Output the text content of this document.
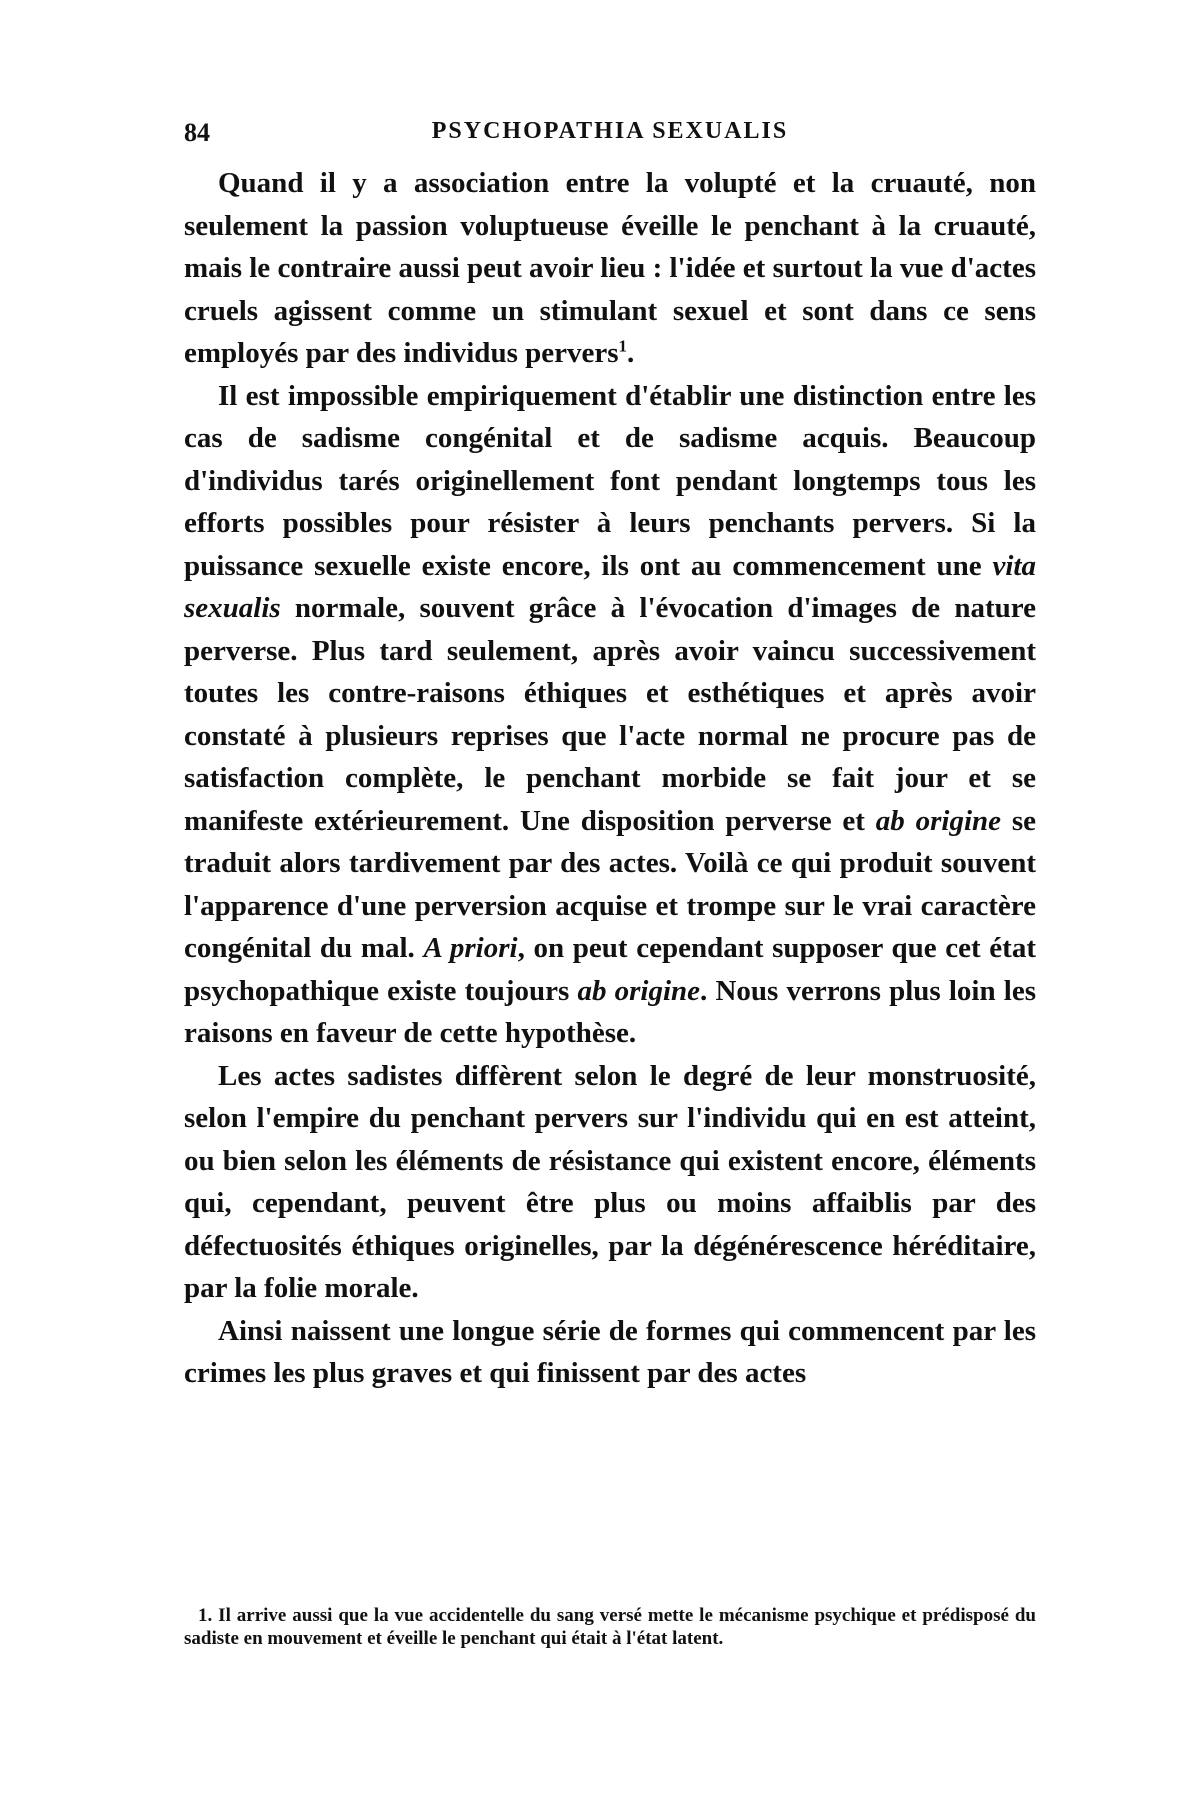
84	PSYCHOPATHIA SEXUALIS

Quand il y a association entre la volupté et la cruauté, non seulement la passion voluptueuse éveille le penchant à la cruauté, mais le contraire aussi peut avoir lieu : l'idée et surtout la vue d'actes cruels agissent comme un stimulant sexuel et sont dans ce sens employés par des individus pervers$^1$.

Il est impossible empiriquement d'établir une distinction entre les cas de sadisme congénital et de sadisme acquis. Beaucoup d'individus tarés originellement font pendant longtemps tous les efforts possibles pour résister à leurs penchants pervers. Si la puissance sexuelle existe encore, ils ont au commencement une vita sexualis normale, souvent grâce à l'évocation d'images de nature perverse. Plus tard seulement, après avoir vaincu successivement toutes les contre-raisons éthiques et esthétiques et après avoir constaté à plusieurs reprises que l'acte normal ne procure pas de satisfaction complète, le penchant morbide se fait jour et se manifeste extérieurement. Une disposition perverse et ab origine se traduit alors tardivement par des actes. Voilà ce qui produit souvent l'apparence d'une perversion acquise et trompe sur le vrai caractère congénital du mal. A priori, on peut cependant supposer que cet état psychopathique existe toujours ab origine. Nous verrons plus loin les raisons en faveur de cette hypothèse.

Les actes sadistes diffèrent selon le degré de leur monstruosité, selon l'empire du penchant pervers sur l'individu qui en est atteint, ou bien selon les éléments de résistance qui existent encore, éléments qui, cependant, peuvent être plus ou moins affaiblis par des défectuosités éthiques originelles, par la dégénérescence héréditaire, par la folie morale.

Ainsi naissent une longue série de formes qui commencent par les crimes les plus graves et qui finissent par des actes

1. Il arrive aussi que la vue accidentelle du sang versé mette le mécanisme psychique et prédisposé du sadiste en mouvement et éveille le penchant qui était à l'état latent.
